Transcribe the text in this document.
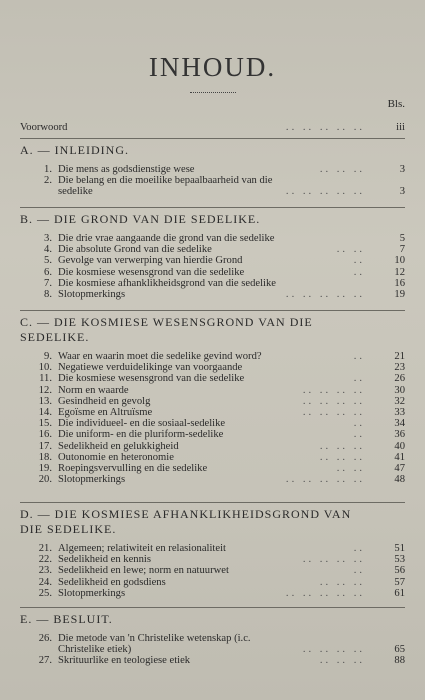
INHOUD.
Bls.
Voorwoord	.. .. .. .. ..	iii
A. — INLEIDING.
1. Die mens as godsdienstige wese	.. .. ..	3
2. Die belang en die moeilike bepaalbaarheid van die sedelike	.. .. .. .. ..	3
B. — DIE GROND VAN DIE SEDELIKE.
3. Die drie vrae aangaande die grond van die sedelike	5
4. Die absolute Grond van die sedelike	.. ..	7
5. Gevolge van verwerping van hierdie Grond	..	10
6. Die kosmiese wesensgrond van die sedelike	..	12
7. Die kosmiese afhanklikheidsgrond van die sedelike	16
8. Slotopmerkings	.. .. .. .. ..	19
C. — DIE KOSMIESE WESENSGROND VAN DIE SEDELIKE.
9. Waar en waarin moet die sedelike gevind word?	..	21
10. Negatiewe verduidelikinge van voorgaande	23
11. Die kosmiese wesensgrond van die sedelike	..	26
12. Norm en waarde	.. .. .. ..	30
13. Gesindheid en gevolg	.. .. .. ..	32
14. Egoïsme en Altruïsme	.. .. .. ..	33
15. Die individueel- en die sosiaal-sedelike	..	34
16. Die uniform- en die pluriform-sedelike	..	36
17. Sedelikheid en gelukkigheid	.. .. ..	40
18. Outonomie en heteronomie	.. .. ..	41
19. Roepingsvervulling en die sedelike	.. ..	47
20. Slotopmerkings	.. .. .. .. ..	48
D. — DIE KOSMIESE AFHANKLIKHEIDSGROND VAN DIE SEDELIKE.
21. Algemeen; relatiwiteit en relasionaliteit	..	51
22. Sedelikheid en kennis	.. .. .. ..	53
23. Sedelikheid en lewe; norm en natuurwet	..	56
24. Sedelikheid en godsdiens	.. .. ..	57
25. Slotopmerkings	.. .. .. .. ..	61
E. — BESLUIT.
26. Die metode van 'n Christelike wetenskap (i.c. Christelike etiek)	.. .. .. ..	65
27. Skrituurlike en teologiese etiek	.. .. ..	88
